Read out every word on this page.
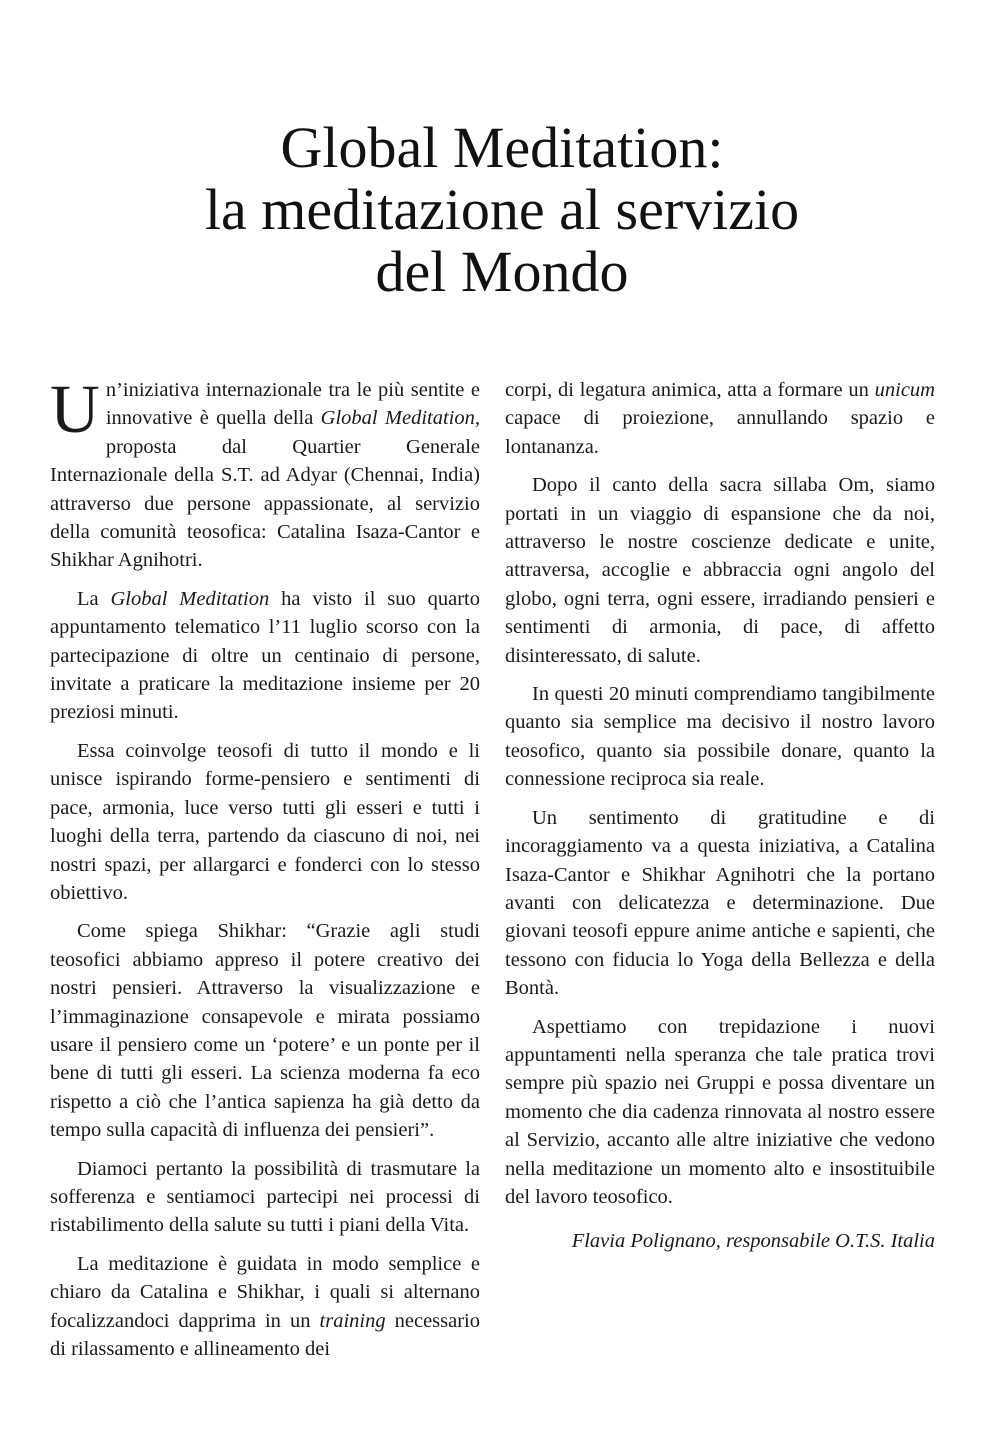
Global Meditation:
la meditazione al servizio
del Mondo

Un’iniziativa internazionale tra le più sentite e innovative è quella della Global Meditation, proposta dal Quartier Generale Internazionale della S.T. ad Adyar (Chennai, India) attraverso due persone appassionate, al servizio della comunità teosofica: Catalina Isaza-Cantor e Shikhar Agnihotri.

La Global Meditation ha visto il suo quarto appuntamento telematico l’11 luglio scorso con la partecipazione di oltre un centinaio di persone, invitate a praticare la meditazione insieme per 20 preziosi minuti.

Essa coinvolge teosofi di tutto il mondo e li unisce ispirando forme-pensiero e sentimenti di pace, armonia, luce verso tutti gli esseri e tutti i luoghi della terra, partendo da ciascuno di noi, nei nostri spazi, per allargarci e fonderci con lo stesso obiettivo.

Come spiega Shikhar: “Grazie agli studi teosofici abbiamo appreso il potere creativo dei nostri pensieri. Attraverso la visualizzazione e l’immaginazione consapevole e mirata possiamo usare il pensiero come un ‘potere’ e un ponte per il bene di tutti gli esseri. La scienza moderna fa eco rispetto a ciò che l’antica sapienza ha già detto da tempo sulla capacità di influenza dei pensieri”.

Diamoci pertanto la possibilità di trasmutare la sofferenza e sentiamoci partecipi nei processi di ristabilimento della salute su tutti i piani della Vita.

La meditazione è guidata in modo semplice e chiaro da Catalina e Shikhar, i quali si alternano focalizzandoci dapprima in un training necessario di rilassamento e allineamento dei

corpi, di legatura animica, atta a formare un unicum capace di proiezione, annullando spazio e lontananza.

Dopo il canto della sacra sillaba Om, siamo portati in un viaggio di espansione che da noi, attraverso le nostre coscienze dedicate e unite, attraversa, accoglie e abbraccia ogni angolo del globo, ogni terra, ogni essere, irradiando pensieri e sentimenti di armonia, di pace, di affetto disinteressato, di salute.

In questi 20 minuti comprendiamo tangibilmente quanto sia semplice ma decisivo il nostro lavoro teosofico, quanto sia possibile donare, quanto la connessione reciproca sia reale.

Un sentimento di gratitudine e di incoraggiamento va a questa iniziativa, a Catalina Isaza-Cantor e Shikhar Agnihotri che la portano avanti con delicatezza e determinazione. Due giovani teosofi eppure anime antiche e sapienti, che tessono con fiducia lo Yoga della Bellezza e della Bontà.

Aspettiamo con trepidazione i nuovi appuntamenti nella speranza che tale pratica trovi sempre più spazio nei Gruppi e possa diventare un momento che dia cadenza rinnovata al nostro essere al Servizio, accanto alle altre iniziative che vedono nella meditazione un momento alto e insostituibile del lavoro teosofico.

Flavia Polignano, responsabile O.T.S. Italia
